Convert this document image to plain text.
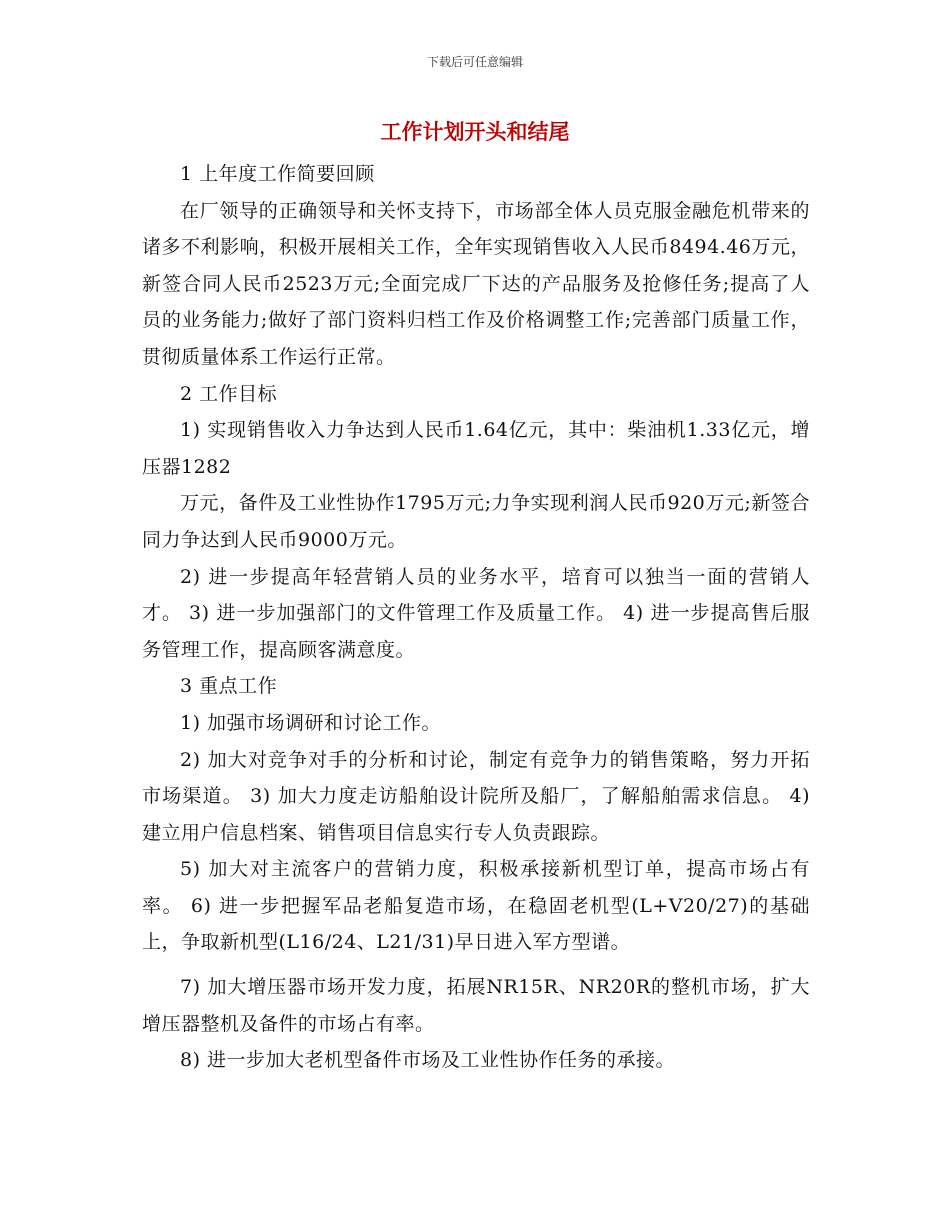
下载后可任意编辑
工作计划开头和结尾

1 上年度工作简要回顾

在厂领导的正确领导和关怀支持下，市场部全体人员克服金融危机带来的诸多不利影响，积极开展相关工作，全年实现销售收入人民币8494.46万元，新签合同人民币2523万元;全面完成厂下达的产品服务及抢修任务;提高了人员的业务能力;做好了部门资料归档工作及价格调整工作;完善部门质量工作，贯彻质量体系工作运行正常。

2 工作目标

1) 实现销售收入力争达到人民币1.64亿元，其中：柴油机1.33亿元，增压器1282

万元，备件及工业性协作1795万元;力争实现利润人民币920万元;新签合同力争达到人民币9000万元。

2) 进一步提高年轻营销人员的业务水平，培育可以独当一面的营销人才。 3) 进一步加强部门的文件管理工作及质量工作。 4) 进一步提高售后服务管理工作，提高顾客满意度。

3 重点工作

1) 加强市场调研和讨论工作。

2) 加大对竞争对手的分析和讨论，制定有竞争力的销售策略，努力开拓市场渠道。 3) 加大力度走访船舶设计院所及船厂，了解船舶需求信息。 4) 建立用户信息档案、销售项目信息实行专人负责跟踪。

5) 加大对主流客户的营销力度，积极承接新机型订单，提高市场占有率。 6) 进一步把握军品老船复造市场，在稳固老机型(L+V20/27)的基础上，争取新机型(L16/24、L21/31)早日进入军方型谱。

7) 加大增压器市场开发力度，拓展NR15R、NR20R的整机市场，扩大增压器整机及备件的市场占有率。

8) 进一步加大老机型备件市场及工业性协作任务的承接。
